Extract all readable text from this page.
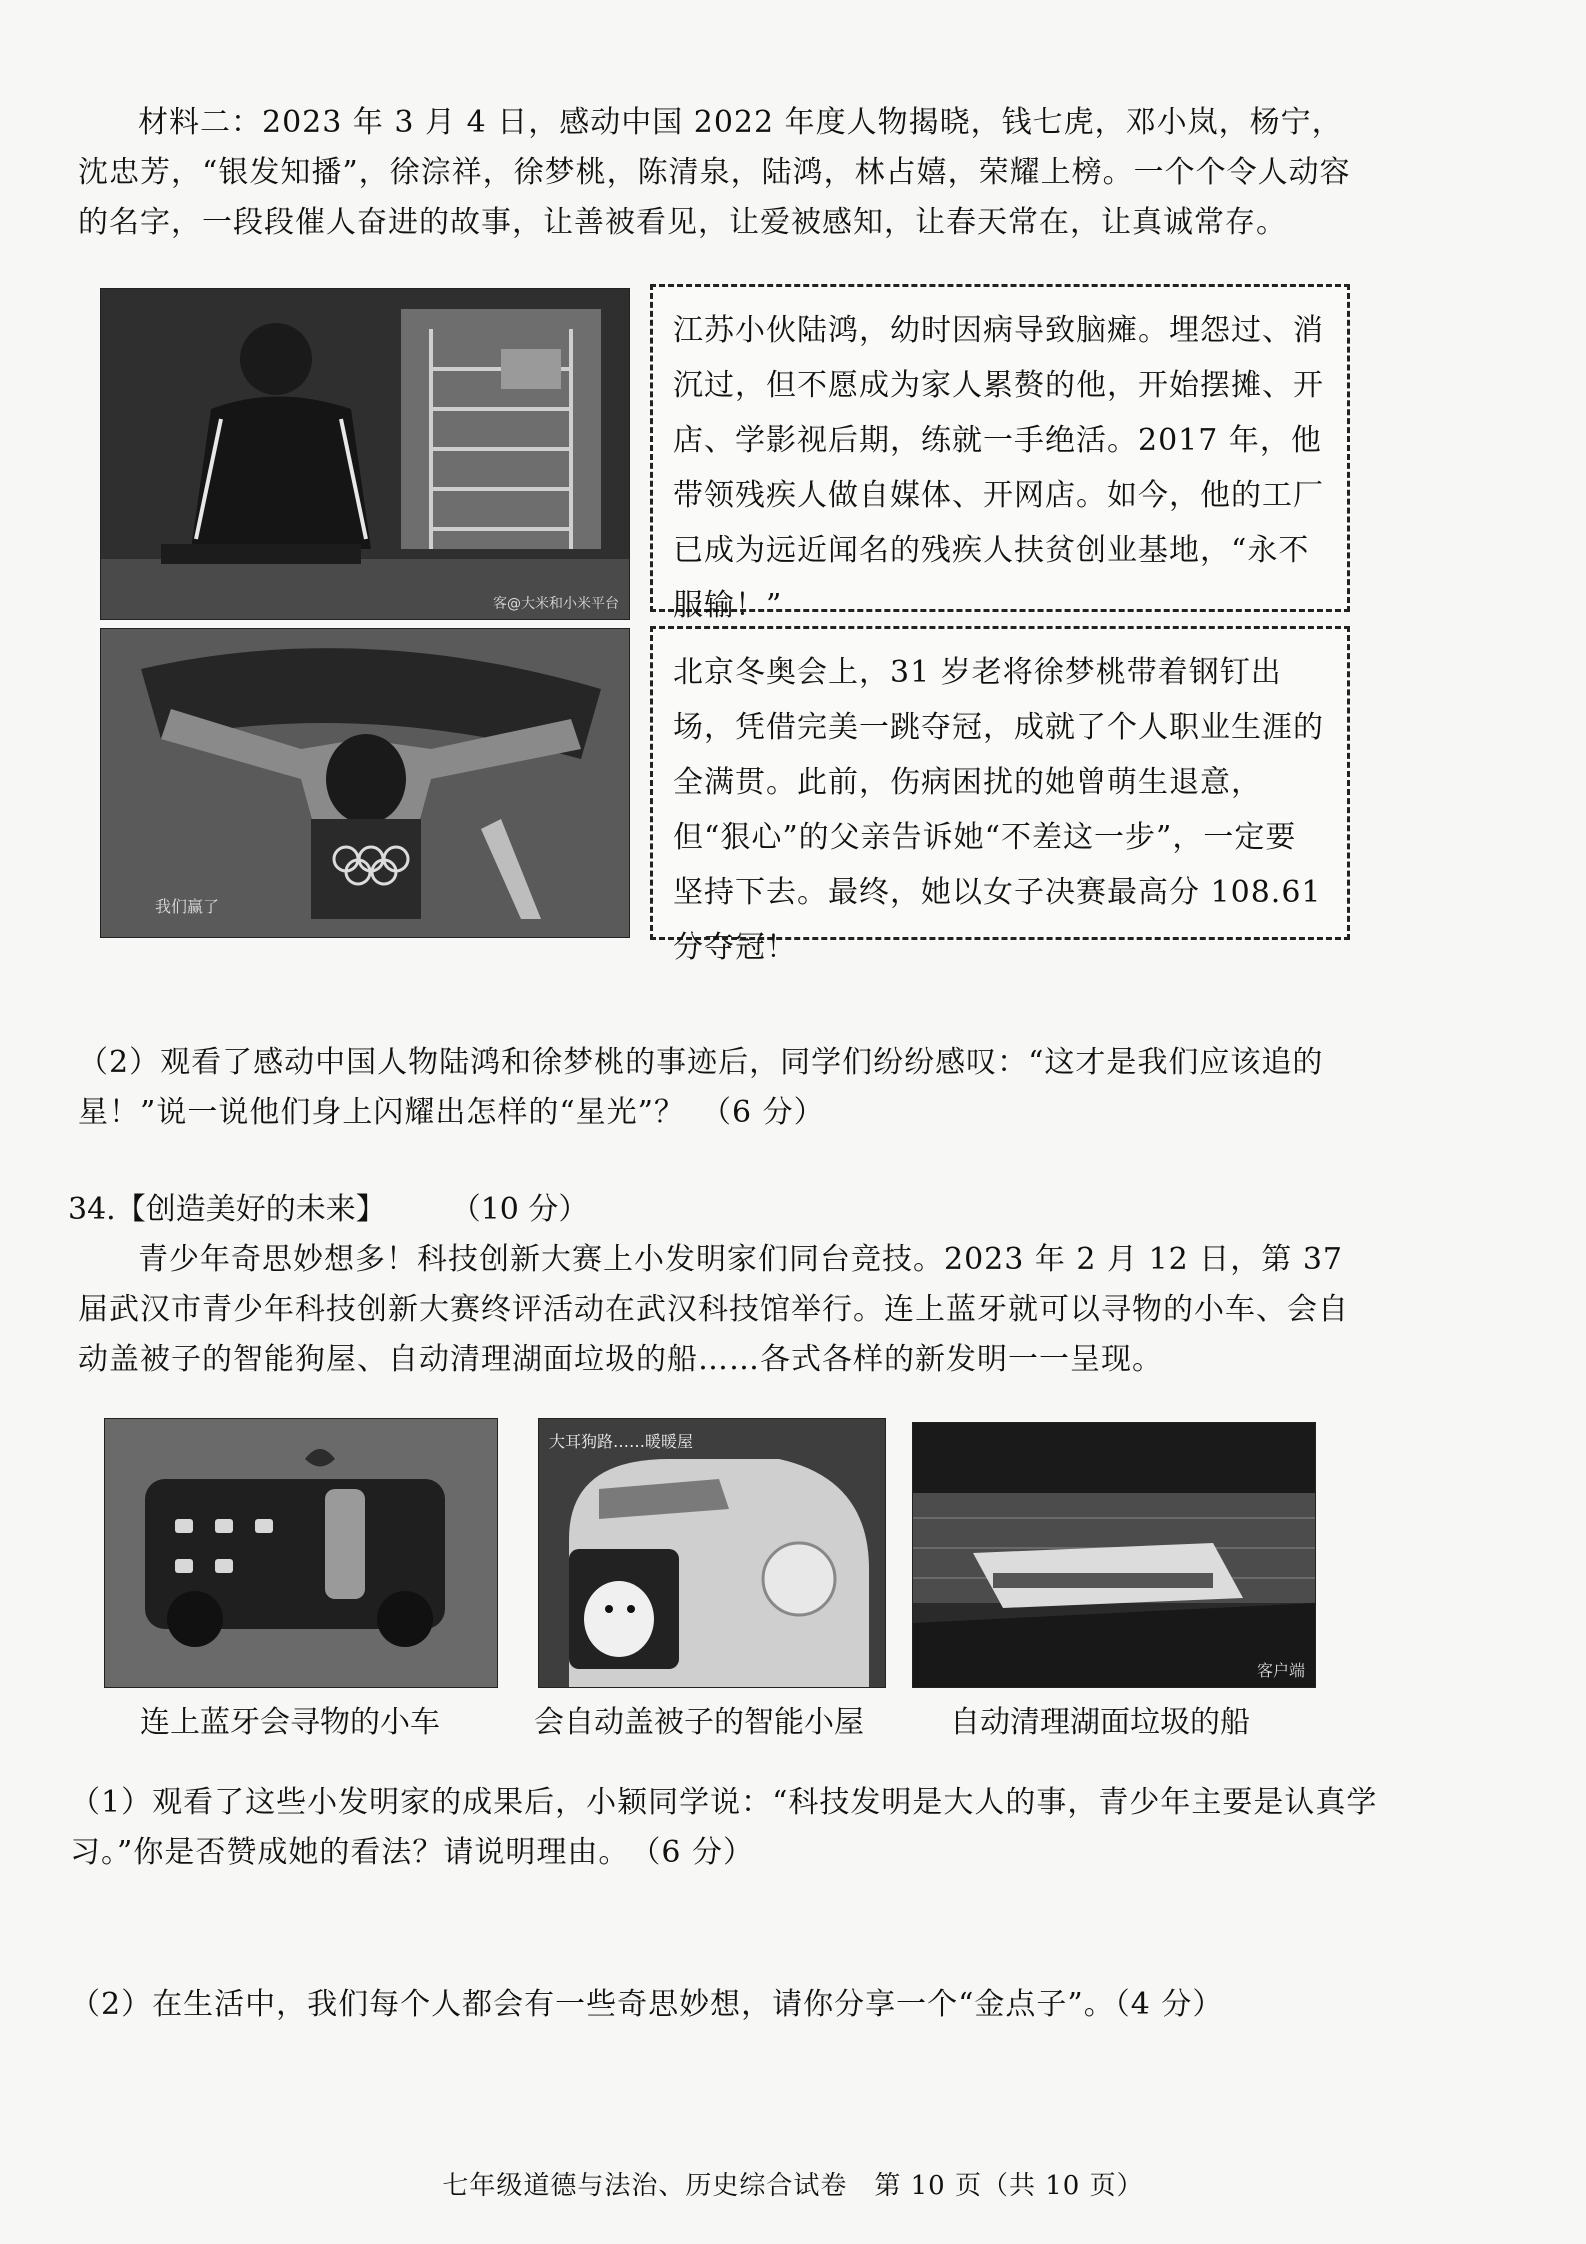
材料二：2023 年 3 月 4 日，感动中国 2022 年度人物揭晓，钱七虎，邓小岚，杨宁，沈忠芳，“银发知播”，徐淙祥，徐梦桃，陈清泉，陆鸿，林占嬉，荣耀上榜。一个个令人动容的名字，一段段催人奋进的故事，让善被看见，让爱被感知，让春天常在，让真诚常存。

客@大米和小米平台
江苏小伙陆鸿，幼时因病导致脑瘫。埋怨过、消沉过，但不愿成为家人累赘的他，开始摆摊、开店、学影视后期，练就一手绝活。2017 年，他带领残疾人做自媒体、开网店。如今，他的工厂已成为远近闻名的残疾人扶贫创业基地，“永不服输！”
我们赢了
北京冬奥会上，31 岁老将徐梦桃带着钢钉出场，凭借完美一跳夺冠，成就了个人职业生涯的全满贯。此前，伤病困扰的她曾萌生退意，但“狠心”的父亲告诉她“不差这一步”，一定要坚持下去。最终，她以女子决赛最高分 108.61 分夺冠！

（2）观看了感动中国人物陆鸿和徐梦桃的事迹后，同学们纷纷感叹：“这才是我们应该追的星！”说一说他们身上闪耀出怎样的“星光”？　（6 分）

34.【创造美好的未来】	（10 分）

青少年奇思妙想多！科技创新大赛上小发明家们同台竞技。2023 年 2 月 12 日，第 37 届武汉市青少年科技创新大赛终评活动在武汉科技馆举行。连上蓝牙就可以寻物的小车、会自动盖被子的智能狗屋、自动清理湖面垃圾的船……各式各样的新发明一一呈现。

大耳狗路……暖暖屋
客户端
连上蓝牙会寻物的小车	会自动盖被子的智能小屋	自动清理湖面垃圾的船

（1）观看了这些小发明家的成果后，小颖同学说：“科技发明是大人的事，青少年主要是认真学习。”你是否赞成她的看法？请说明理由。　（6 分）

（2）在生活中，我们每个人都会有一些奇思妙想，请你分享一个“金点子”。（4 分）

七年级道德与法治、历史综合试卷　第 10 页（共 10 页）
